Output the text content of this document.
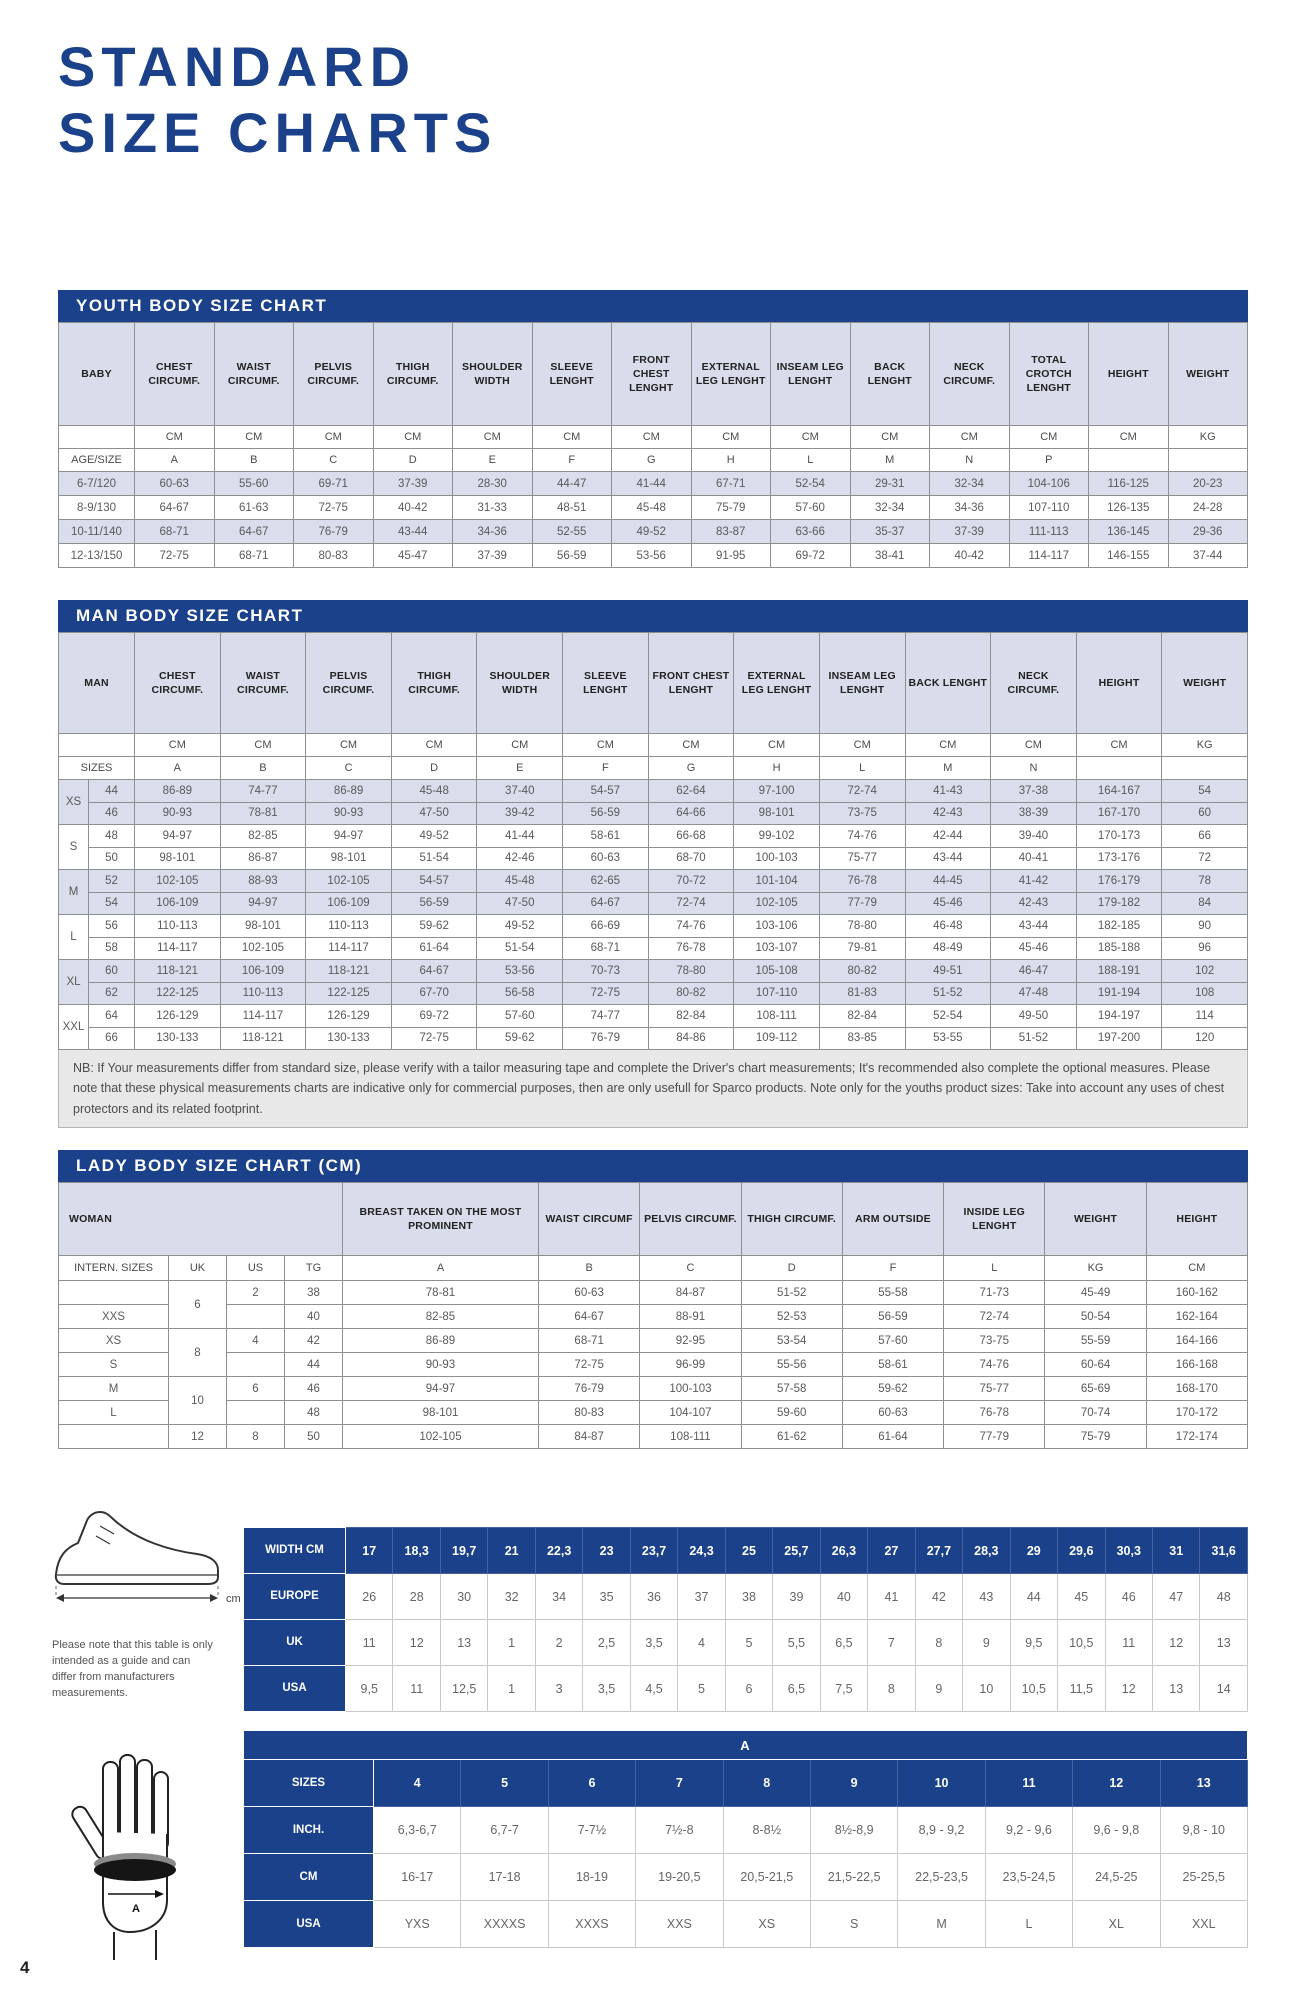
STANDARD
SIZE CHARTS
YOUTH BODY SIZE CHART
BABY	CHEST CIRCUMF.	WAIST CIRCUMF.	PELVIS CIRCUMF.	THIGH CIRCUMF.	SHOULDER WIDTH	SLEEVE LENGHT	FRONT CHEST LENGHT	EXTERNAL LEG LENGHT	INSEAM LEG LENGHT	BACK LENGHT	NECK CIRCUMF.	TOTAL CROTCH LENGHT	HEIGHT	WEIGHT
	CM	CM	CM	CM	CM	CM	CM	CM	CM	CM	CM	CM	CM	KG
AGE/SIZE	A	B	C	D	E	F	G	H	L	M	N	P		
6-7/120	60-63	55-60	69-71	37-39	28-30	44-47	41-44	67-71	52-54	29-31	32-34	104-106	116-125	20-23
8-9/130	64-67	61-63	72-75	40-42	31-33	48-51	45-48	75-79	57-60	32-34	34-36	107-110	126-135	24-28
10-11/140	68-71	64-67	76-79	43-44	34-36	52-55	49-52	83-87	63-66	35-37	37-39	111-113	136-145	29-36
12-13/150	72-75	68-71	80-83	45-47	37-39	56-59	53-56	91-95	69-72	38-41	40-42	114-117	146-155	37-44
MAN BODY SIZE CHART
MAN		CHEST CIRCUMF.	WAIST CIRCUMF.	PELVIS CIRCUMF.	THIGH CIRCUMF.	SHOULDER WIDTH	SLEEVE LENGHT	FRONT CHEST LENGHT	EXTERNAL LEG LENGHT	INSEAM LEG LENGHT	BACK LENGHT	NECK CIRCUMF.	HEIGHT	WEIGHT
		CM	CM	CM	CM	CM	CM	CM	CM	CM	CM	CM	CM	KG
SIZES		A	B	C	D	E	F	G	H	L	M	N		
XS	44	86-89	74-77	86-89	45-48	37-40	54-57	62-64	97-100	72-74	41-43	37-38	164-167	54
	46	90-93	78-81	90-93	47-50	39-42	56-59	64-66	98-101	73-75	42-43	38-39	167-170	60
S	48	94-97	82-85	94-97	49-52	41-44	58-61	66-68	99-102	74-76	42-44	39-40	170-173	66
	50	98-101	86-87	98-101	51-54	42-46	60-63	68-70	100-103	75-77	43-44	40-41	173-176	72
M	52	102-105	88-93	102-105	54-57	45-48	62-65	70-72	101-104	76-78	44-45	41-42	176-179	78
	54	106-109	94-97	106-109	56-59	47-50	64-67	72-74	102-105	77-79	45-46	42-43	179-182	84
L	56	110-113	98-101	110-113	59-62	49-52	66-69	74-76	103-106	78-80	46-48	43-44	182-185	90
	58	114-117	102-105	114-117	61-64	51-54	68-71	76-78	103-107	79-81	48-49	45-46	185-188	96
XL	60	118-121	106-109	118-121	64-67	53-56	70-73	78-80	105-108	80-82	49-51	46-47	188-191	102
	62	122-125	110-113	122-125	67-70	56-58	72-75	80-82	107-110	81-83	51-52	47-48	191-194	108
XXL	64	126-129	114-117	126-129	69-72	57-60	74-77	82-84	108-111	82-84	52-54	49-50	194-197	114
	66	130-133	118-121	130-133	72-75	59-62	76-79	84-86	109-112	83-85	53-55	51-52	197-200	120
NB: If Your measurements differ from standard size, please verify with a tailor measuring tape and complete the Driver's chart measurements; It's recommended also complete the optional measures. Please note that these physical measurements charts are indicative only for commercial purposes, then are only usefull for Sparco products. Note only for the youths product sizes: Take into account any uses of chest protectors and its related footprint.
LADY BODY SIZE CHART (CM)
WOMAN				BREAST TAKEN ON THE MOST PROMINENT	WAIST CIRCUMF	PELVIS CIRCUMF.	THIGH CIRCUMF.	ARM OUTSIDE	INSIDE LEG LENGHT	WEIGHT	HEIGHT
INTERN. SIZES	UK	US	TG	A	B	C	D	F	L	KG	CM
	6	2	38	78-81	60-63	84-87	51-52	55-58	71-73	45-49	160-162
XXS			40	82-85	64-67	88-91	52-53	56-59	72-74	50-54	162-164
XS	8	4	42	86-89	68-71	92-95	53-54	57-60	73-75	55-59	164-166
S			44	90-93	72-75	96-99	55-56	58-61	74-76	60-64	166-168
M	10	6	46	94-97	76-79	100-103	57-58	59-62	75-77	65-69	168-170
L			48	98-101	80-83	104-107	59-60	60-63	76-78	70-74	170-172
	12	8	50	102-105	84-87	108-111	61-62	61-64	77-79	75-79	172-174
cm
Please note that this table is only intended as a guide and can differ from manufacturers measurements.
WIDTH CM	17	18,3	19,7	21	22,3	23	23,7	24,3	25	25,7	26,3	27	27,7	28,3	29	29,6	30,3	31	31,6
EUROPE	26	28	30	32	34	35	36	37	38	39	40	41	42	43	44	45	46	47	48
UK	11	12	13	1	2	2,5	3,5	4	5	5,5	6,5	7	8	9	9,5	10,5	11	12	13
USA	9,5	11	12,5	1	3	3,5	4,5	5	6	6,5	7,5	8	9	10	10,5	11,5	12	13	14
A
A										
SIZES	4	5	6	7	8	9	10	11	12	13
INCH.	6,3-6,7	6,7-7	7-7½	7½-8	8-8½	8½-8,9	8,9 - 9,2	9,2 - 9,6	9,6 - 9,8	9,8 - 10
CM	16-17	17-18	18-19	19-20,5	20,5-21,5	21,5-22,5	22,5-23,5	23,5-24,5	24,5-25	25-25,5
USA	YXS	XXXXS	XXXS	XXS	XS	S	M	L	XL	XXL
4
